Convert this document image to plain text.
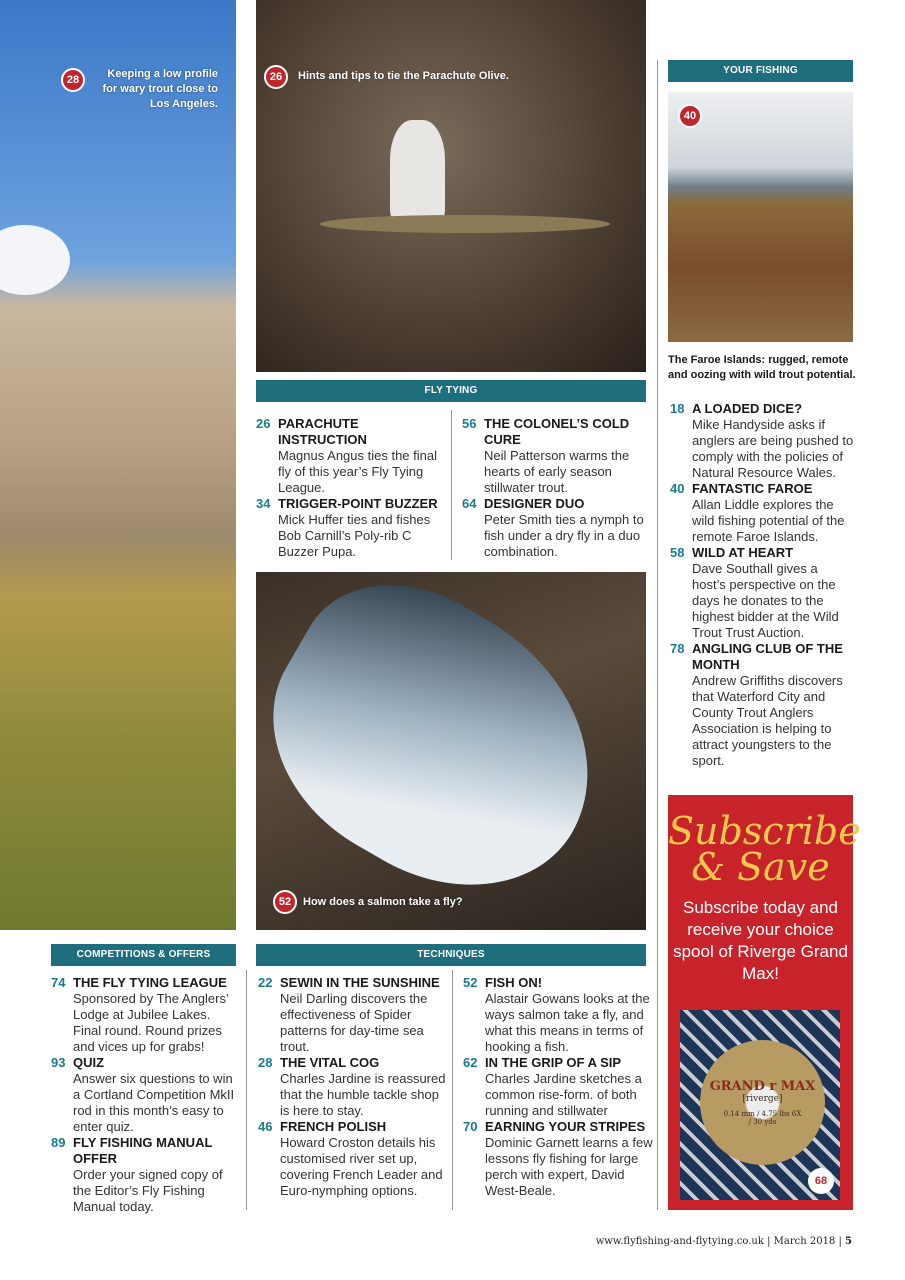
28	Keeping a low profile for wary trout close to Los Angeles.
26	Hints and tips to tie the Parachute Olive.
FLY TYING
26 PARACHUTE INSTRUCTION
Magnus Angus ties the final fly of this year’s Fly Tying League.
34 TRIGGER-POINT BUZZER
Mick Huffer ties and fishes Bob Carnill’s Poly-rib C Buzzer Pupa.
56 THE COLONEL’S COLD CURE
Neil Patterson warms the hearts of early season stillwater trout.
64 DESIGNER DUO
Peter Smith ties a nymph to fish under a dry fly in a duo combination.
52	How does a salmon take a fly?
COMPETITIONS & OFFERS
74 THE FLY TYING LEAGUE
Sponsored by The Anglers’ Lodge at Jubilee Lakes. Final round. Round prizes and vices up for grabs!
93 QUIZ
Answer six questions to win a Cortland Competition MkII rod in this month’s easy to enter quiz.
89 FLY FISHING MANUAL OFFER
Order your signed copy of the Editor’s Fly Fishing Manual today.
TECHNIQUES
22 SEWIN IN THE SUNSHINE
Neil Darling discovers the effectiveness of Spider patterns for day-time sea trout.
28 THE VITAL COG
Charles Jardine is reassured that the humble tackle shop is here to stay.
46 FRENCH POLISH
Howard Croston details his customised river set up, covering French Leader and Euro-nymphing options.
52 FISH ON!
Alastair Gowans looks at the ways salmon take a fly, and what this means in terms of hooking a fish.
62 IN THE GRIP OF A SIP
Charles Jardine sketches a common rise-form. of both running and stillwater
70 EARNING YOUR STRIPES
Dominic Garnett learns a few lessons fly fishing for large perch with expert, David West-Beale.
YOUR FISHING
40
The Faroe Islands: rugged, remote and oozing with wild trout potential.
18 A LOADED DICE?
Mike Handyside asks if anglers are being pushed to comply with the policies of Natural Resource Wales.
40 FANTASTIC FAROE
Allan Liddle explores the wild fishing potential of the remote Faroe Islands.
58 WILD AT HEART
Dave Southall gives a host’s perspective on the days he donates to the highest bidder at the Wild Trout Trust Auction.
78 ANGLING CLUB OF THE MONTH
Andrew Griffiths discovers that Waterford City and County Trout Anglers Association is helping to attract youngsters to the sport.
Subscribe
& Save
Subscribe today and receive your choice spool of Riverge Grand Max!
GRAND r MAX
[riverge]
0.14 mm / 4.75 lbs 6X / 30 yds
68
www.flyfishing-and-flytying.co.uk | March 2018 | 5
